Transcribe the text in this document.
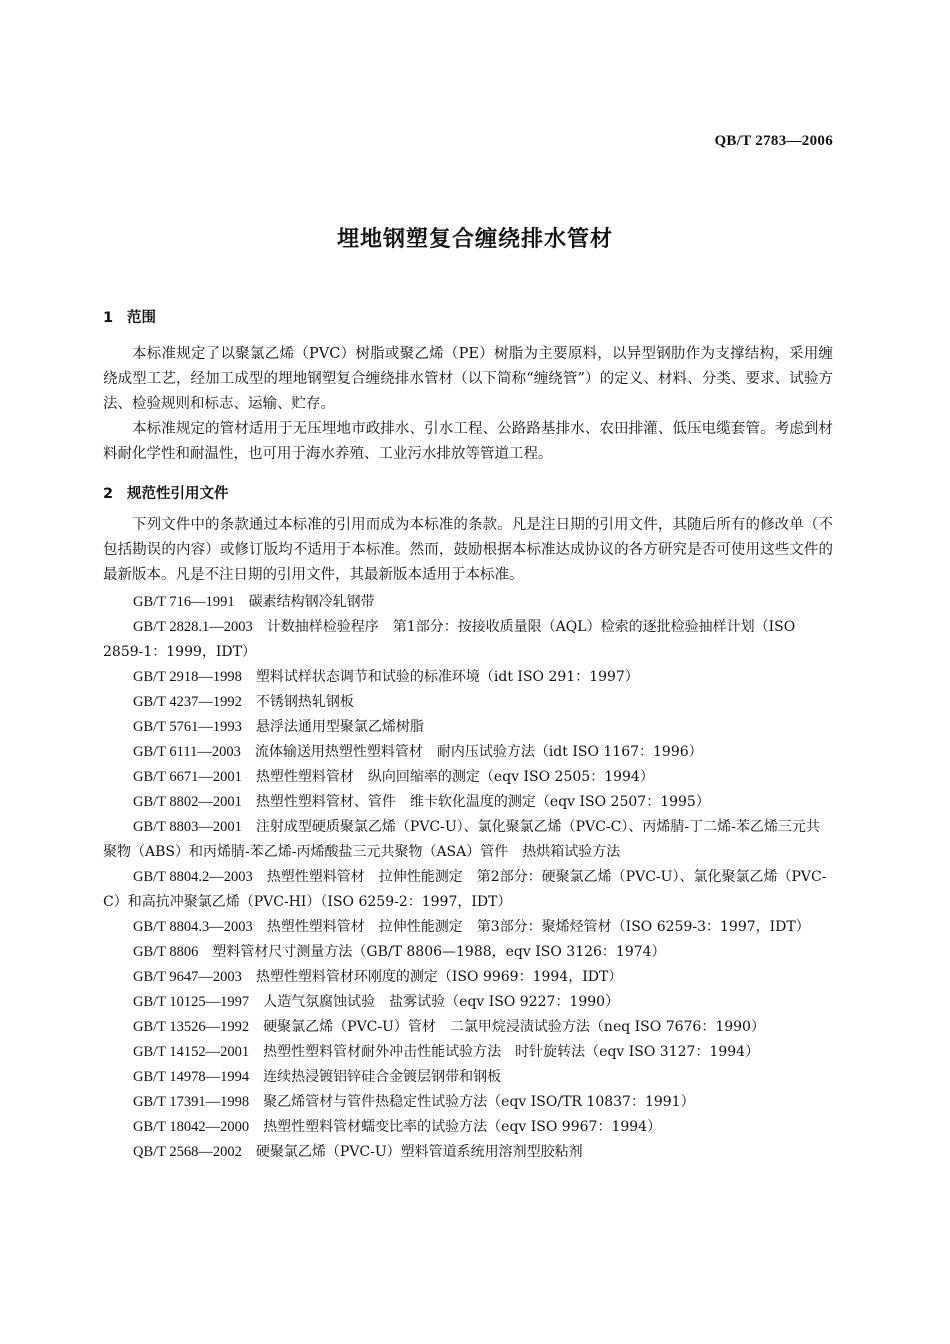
QB/T 2783—2006
埋地钢塑复合缠绕排水管材
1 范围
本标准规定了以聚氯乙烯（PVC）树脂或聚乙烯（PE）树脂为主要原料，以异型钢肋作为支撑结构，采用缠绕成型工艺，经加工成型的埋地钢塑复合缠绕排水管材（以下简称“缠绕管”）的定义、材料、分类、要求、试验方法、检验规则和标志、运输、贮存。
本标准规定的管材适用于无压埋地市政排水、引水工程、公路路基排水、农田排灌、低压电缆套管。考虑到材料耐化学性和耐温性，也可用于海水养殖、工业污水排放等管道工程。
2 规范性引用文件
下列文件中的条款通过本标准的引用而成为本标准的条款。凡是注日期的引用文件，其随后所有的修改单（不包括勘误的内容）或修订版均不适用于本标准。然而，鼓励根据本标准达成协议的各方研究是否可使用这些文件的最新版本。凡是不注日期的引用文件，其最新版本适用于本标准。
GB/T 716—1991 碳素结构钢冷轧钢带
GB/T 2828.1—2003 计数抽样检验程序　第1部分：按接收质量限（AQL）检索的逐批检验抽样计划（ISO 2859-1：1999，IDT）
GB/T 2918—1998 塑料试样状态调节和试验的标准环境（idt ISO 291：1997）
GB/T 4237—1992 不锈钢热轧钢板
GB/T 5761—1993 悬浮法通用型聚氯乙烯树脂
GB/T 6111—2003 流体输送用热塑性塑料管材　耐内压试验方法（idt ISO 1167：1996）
GB/T 6671—2001 热塑性塑料管材　纵向回缩率的测定（eqv ISO 2505：1994）
GB/T 8802—2001 热塑性塑料管材、管件　维卡软化温度的测定（eqv ISO 2507：1995）
GB/T 8803—2001 注射成型硬质聚氯乙烯（PVC-U）、氯化聚氯乙烯（PVC-C）、丙烯腈-丁二烯-苯乙烯三元共聚物（ABS）和丙烯腈-苯乙烯-丙烯酸盐三元共聚物（ASA）管件　热烘箱试验方法
GB/T 8804.2—2003 热塑性塑料管材　拉伸性能测定　第2部分：硬聚氯乙烯（PVC-U）、氯化聚氯乙烯（PVC-C）和高抗冲聚氯乙烯（PVC-HI）（ISO 6259-2：1997，IDT）
GB/T 8804.3—2003 热塑性塑料管材　拉伸性能测定　第3部分：聚烯烃管材（ISO 6259-3：1997，IDT）
GB/T 8806 塑料管材尺寸测量方法（GB/T 8806—1988，eqv ISO 3126：1974）
GB/T 9647—2003 热塑性塑料管材环刚度的测定（ISO 9969：1994，IDT）
GB/T 10125—1997 人造气氛腐蚀试验　盐雾试验（eqv ISO 9227：1990）
GB/T 13526—1992 硬聚氯乙烯（PVC-U）管材　二氯甲烷浸渍试验方法（neq ISO 7676：1990）
GB/T 14152—2001 热塑性塑料管材耐外冲击性能试验方法　时针旋转法（eqv ISO 3127：1994）
GB/T 14978—1994 连续热浸镀铝锌硅合金镀层钢带和钢板
GB/T 17391—1998 聚乙烯管材与管件热稳定性试验方法（eqv ISO/TR 10837：1991）
GB/T 18042—2000 热塑性塑料管材蠕变比率的试验方法（eqv ISO 9967：1994）
QB/T 2568—2002 硬聚氯乙烯（PVC-U）塑料管道系统用溶剂型胶粘剂
